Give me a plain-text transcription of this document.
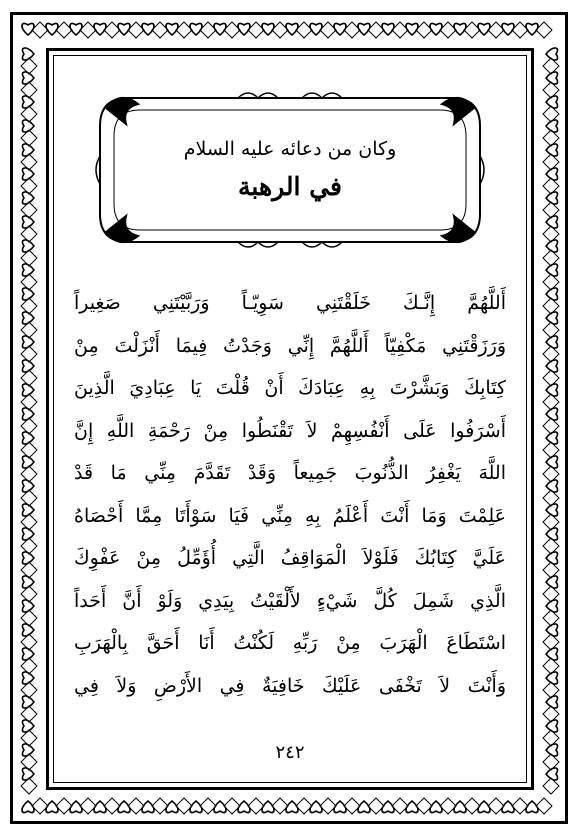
وكان من دعائه عليه السلام
في الرهبة
أَللَّهُمَّ إِنَّـكَ خَلَقْتَنِي سَوِيّـاً وَرَبَّيْتَنِي صَغِيراً
وَرَزَقْتَنِي مَكْفِيّاً أَللَّهُمَّ إِنِّي وَجَدْتُ فِيمَا أَنْزَلْتَ مِنْ
كِتَابِكَ وَبَشَّرْتَ بِهِ عِبَادَكَ أَنْ قُلْتَ يَا عِبَادِيَ الَّذِينَ
أَسْرَفُوا عَلَى أَنْفُسِهِمْ لاَ تَقْنَطُوا مِنْ رَحْمَةِ اللَّهِ إِنَّ
اللَّهَ يَغْفِرُ الذُّنُوبَ جَمِيعاً وَقَدْ تَقَدَّمَ مِنِّي مَا قَدْ
عَلِمْتَ وَمَا أَنْتَ أَعْلَمُ بِهِ مِنِّي فَيَا سَوْأَتَا مِمَّا أَحْصَاهُ
عَلَيَّ كِتَابُكَ فَلَوْلاَ الْمَوَاقِفُ الَّتِي أُؤَمِّلُ مِنْ عَفْوِكَ
الَّذِي شَمِلَ كُلَّ شَيْءٍ لأَلْقَيْتُ بِيَدِي وَلَوْ أَنَّ أَحَداً
اسْتَطَاعَ الْهَرَبَ مِنْ رَبِّهِ لَكُنْتُ أَنَا أَحَقَّ بِالْهَرَبِ
وَأَنْتَ لاَ تَخْفَى عَلَيْكَ خَافِيَةٌ فِي الأَرْضِ وَلاَ فِي
٢٤٢
